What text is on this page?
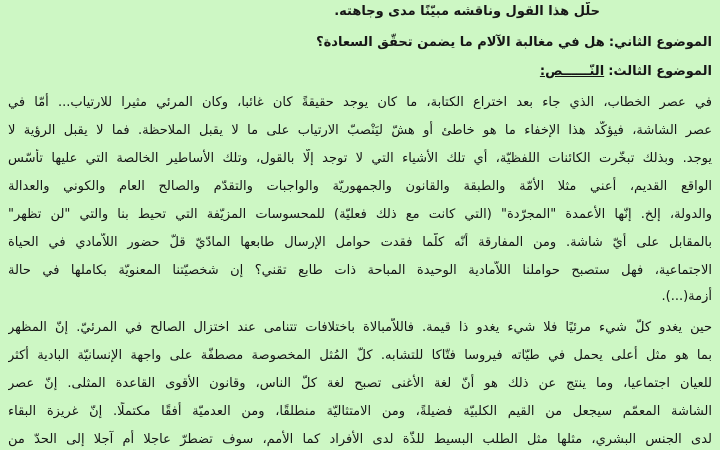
حلّل هذا القول وناقشه مبيّنًا مدى وجاهته.
الموضوع الثاني: هل في مغالبة الآلام ما يضمن تحقّق السعادة؟
الموضوع الثالث: النّــــــص:
في عصر الخطاب، الذي جاء بعد اختراع الكتابة، ما كان يوجد حقيقةً كان غائبا، وكان المرئي مثيرا للارتياب... أمّا في
عصر الشاشة، فيؤكّد هذا الإخفاء ما هو خاطئ أو هشّ ليَنْصبّ الارتياب على ما لا يقبل الملاحظة. فما لا يقبل الرؤية لا
يوجد. وبذلك تبخّرت الكائنات اللفظيّة، أي تلك الأشياء التي لا توجد إلّا بالقول، وتلك الأساطير الخالصة التي عليها تأسّس
الواقع القديم، أعني مثلا الأمّة والطبقة والقانون والجمهوريّة والواجبات والتقدّم والصالح العام والكوني والعدالة
والدولة، إلخ. إنّها الأعمدة "المجرّدة" (التي كانت مع ذلك فعليّة) للمحسوسات المزيّفة التي تحيط بنا والتي "لن تظهر"
بالمقابل على أيّ شاشة. ومن المفارقة أنّه كلّما فقدت حوامل الإرسال طابعها المادّيّ قلّ حضور اللاّمادي في الحياة
الاجتماعية، فهل ستصبح حواملنا اللاّمادية الوحيدة المباحة ذات طابع تقني؟ إن شخصيّتنا المعنويّة بكاملها في حالة
أزمة(...).
حين يغدو كلّ شيء مرئيًا فلا شيء يغدو ذا قيمة. فاللاّمبالاة باختلافات تتنامى عند اختزال الصالح في المرئيّ. إنّ المظهر
بما هو مثل أعلى يحمل في طيّاته فيروسا فتّاكا للتشابه. كلّ المُثل المخصوصة مصطفّة على واجهة الإنسانيّة البادية أكثر
للعيان اجتماعيا، وما ينتج عن ذلك هو أنّ لغة الأغنى تصبح لغة كلّ الناس، وقانون الأقوى القاعدة المثلى. إنّ عصر
الشاشة المعمّم سيجعل من القيم الكلبيّة فضيلةً، ومن الامتثاليّة منطلقًا، ومن العدميّة أفقًا مكتملًا. إنّ غريزة البقاء
لدى الجنس البشري، مثلها مثل الطلب البسيط للذّة لدى الأفراد كما الأمم، سوف تضطرّ عاجلا أم آجلا إلى الحدّ من
